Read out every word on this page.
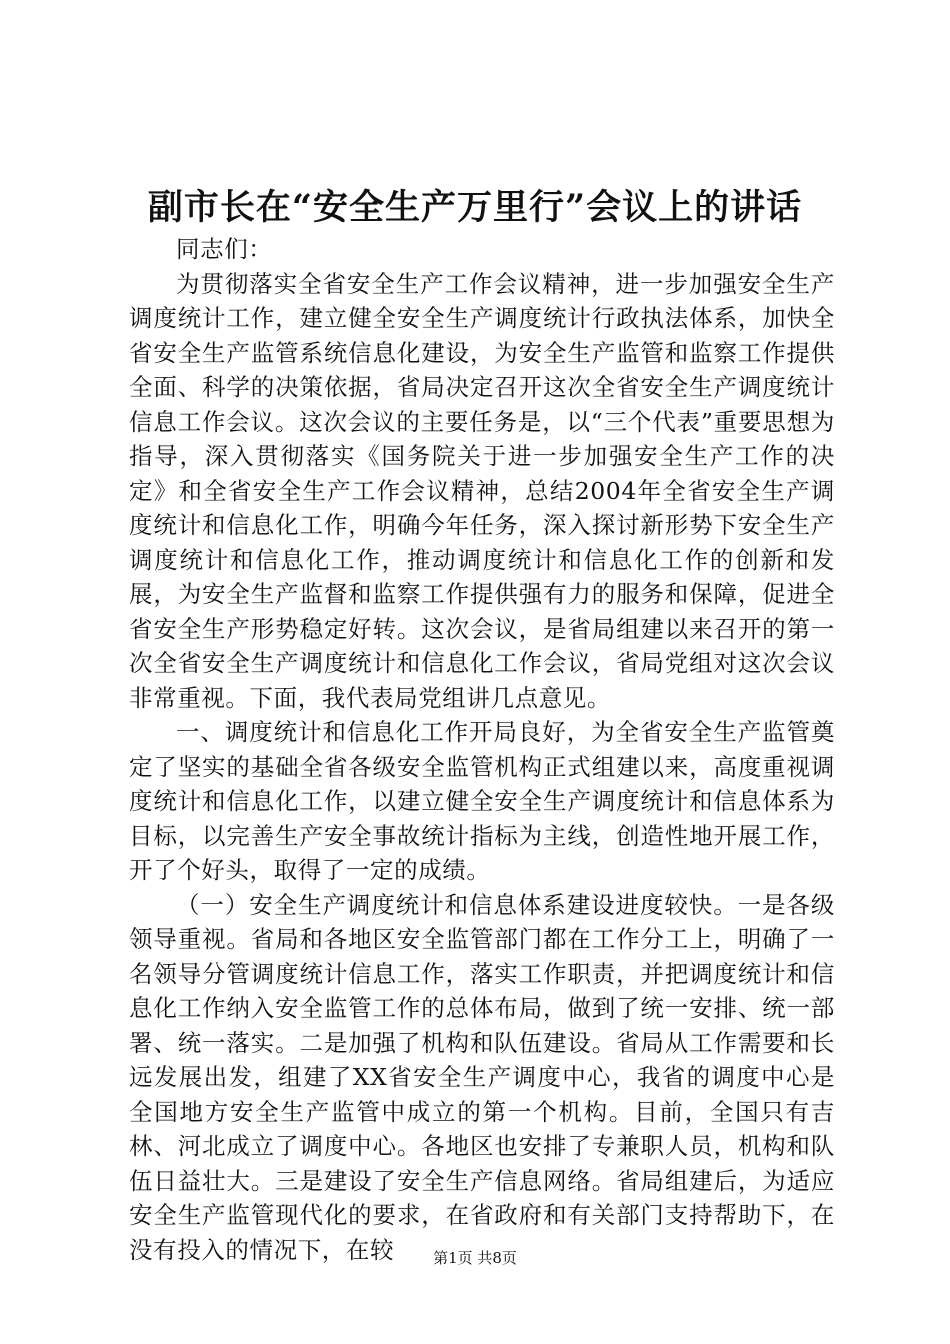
副市长在“安全生产万里行”会议上的讲话

同志们：

为贯彻落实全省安全生产工作会议精神，进一步加强安全生产调度统计工作，建立健全安全生产调度统计行政执法体系，加快全省安全生产监管系统信息化建设，为安全生产监管和监察工作提供全面、科学的决策依据，省局决定召开这次全省安全生产调度统计信息工作会议。这次会议的主要任务是，以“三个代表”重要思想为指导，深入贯彻落实《国务院关于进一步加强安全生产工作的决定》和全省安全生产工作会议精神，总结2004年全省安全生产调度统计和信息化工作，明确今年任务，深入探讨新形势下安全生产调度统计和信息化工作，推动调度统计和信息化工作的创新和发展，为安全生产监督和监察工作提供强有力的服务和保障，促进全省安全生产形势稳定好转。这次会议，是省局组建以来召开的第一次全省安全生产调度统计和信息化工作会议，省局党组对这次会议非常重视。下面，我代表局党组讲几点意见。

一、调度统计和信息化工作开局良好，为全省安全生产监管奠定了坚实的基础全省各级安全监管机构正式组建以来，高度重视调度统计和信息化工作，以建立健全安全生产调度统计和信息体系为目标，以完善生产安全事故统计指标为主线，创造性地开展工作，开了个好头，取得了一定的成绩。

（一）安全生产调度统计和信息体系建设进度较快。一是各级领导重视。省局和各地区安全监管部门都在工作分工上，明确了一名领导分管调度统计信息工作，落实工作职责，并把调度统计和信息化工作纳入安全监管工作的总体布局，做到了统一安排、统一部署、统一落实。二是加强了机构和队伍建设。省局从工作需要和长远发展出发，组建了XX省安全生产调度中心，我省的调度中心是全国地方安全生产监管中成立的第一个机构。目前，全国只有吉林、河北成立了调度中心。各地区也安排了专兼职人员，机构和队伍日益壮大。三是建设了安全生产信息网络。省局组建后，为适应安全生产监管现代化的要求，在省政府和有关部门支持帮助下，在没有投入的情况下，在较	第1页 共8页
